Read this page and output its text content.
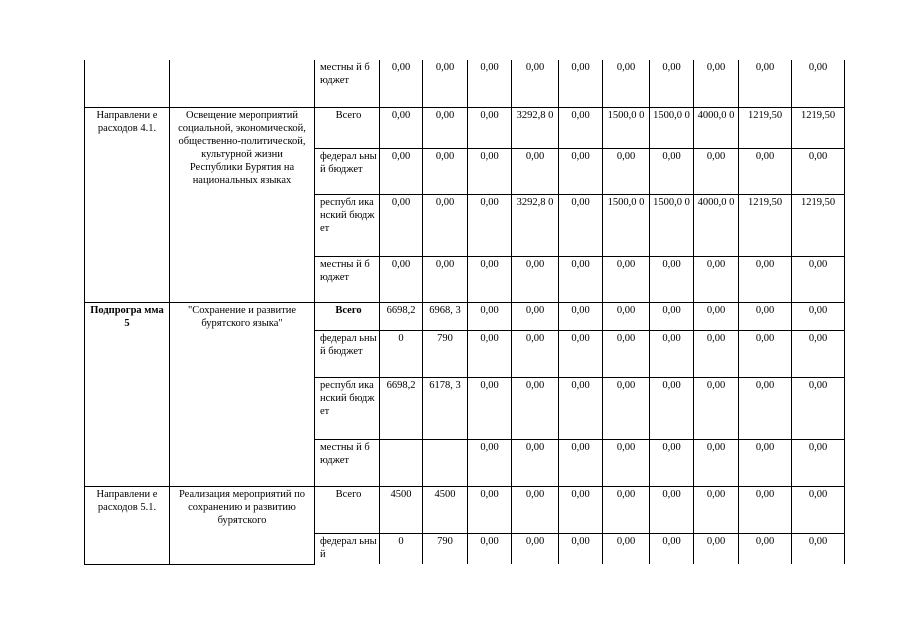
		местны й бюджет	0,00	0,00	0,00	0,00	0,00	0,00	0,00	0,00	0,00	0,00
Направлени е расходов 4.1.	Освещение мероприятий социальной, экономической, общественно-политической, культурной жизни Республики Бурятия на национальных языках	Всего	0,00	0,00	0,00	3292,8 0	0,00	1500,0 0	1500,0 0	4000,0 0	1219,50	1219,50
		федерал ьный бюджет	0,00	0,00	0,00	0,00	0,00	0,00	0,00	0,00	0,00	0,00
		республ иканский бюджет	0,00	0,00	0,00	3292,8 0	0,00	1500,0 0	1500,0 0	4000,0 0	1219,50	1219,50
		местны й бюджет	0,00	0,00	0,00	0,00	0,00	0,00	0,00	0,00	0,00	0,00
Подпрогра мма 5	"Сохранение и развитие бурятского языка"	Всего	6698,2	6968, 3	0,00	0,00	0,00	0,00	0,00	0,00	0,00	0,00
		федерал ьный бюджет	0	790	0,00	0,00	0,00	0,00	0,00	0,00	0,00	0,00
		республ иканский бюджет	6698,2	6178, 3	0,00	0,00	0,00	0,00	0,00	0,00	0,00	0,00
		местны й бюджет			0,00	0,00	0,00	0,00	0,00	0,00	0,00	0,00
Направлени е расходов 5.1.	Реализация мероприятий по сохранению и развитию бурятского	Всего	4500	4500	0,00	0,00	0,00	0,00	0,00	0,00	0,00	0,00
		федерал ьный	0	790	0,00	0,00	0,00	0,00	0,00	0,00	0,00	0,00
